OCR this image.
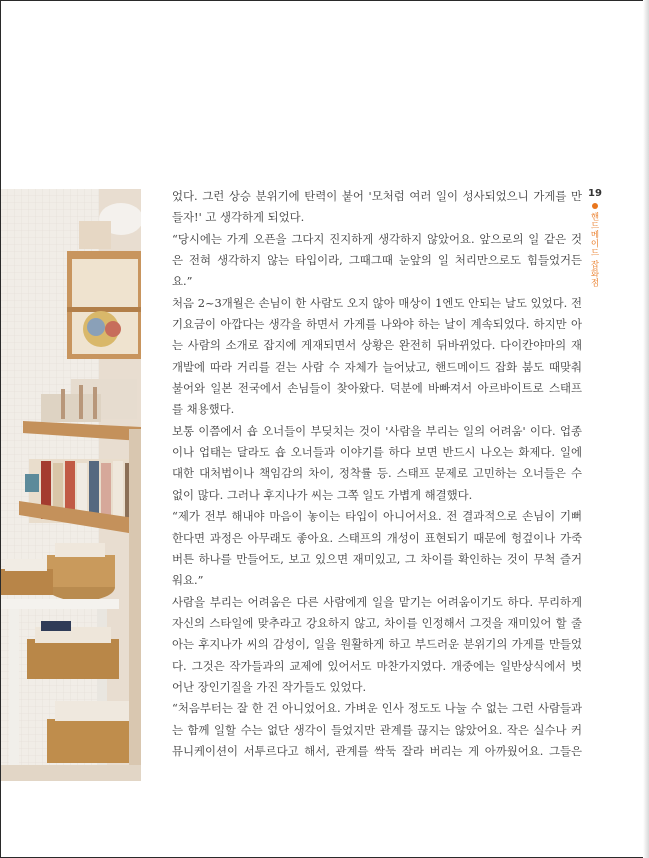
19
핸드메이드 잡화점
었다. 그런 상승 분위기에 탄력이 붙어 '모처럼 여러 일이 성사되었으니 가게를 만
들자!' 고 생각하게 되었다.
“당시에는 가게 오픈을 그다지 진지하게 생각하지 않았어요. 앞으로의 일 같은 것
은 전혀 생각하지 않는 타입이라, 그때그때 눈앞의 일 처리만으로도 힘들었거든
요.”
처음 2~3개월은 손님이 한 사람도 오지 않아 매상이 1엔도 안되는 날도 있었다. 전
기요금이 아깝다는 생각을 하면서 가게를 나와야 하는 날이 계속되었다. 하지만 아
는 사람의 소개로 잡지에 게재되면서 상황은 완전히 뒤바뀌었다. 다이칸야마의 재
개발에 따라 거리를 걷는 사람 수 자체가 늘어났고, 핸드메이드 잡화 붐도 때맞춰
불어와 일본 전국에서 손님들이 찾아왔다. 덕분에 바빠져서 아르바이트로 스태프
를 채용했다.
보통 이쯤에서 숍 오너들이 부딪치는 것이 '사람을 부리는 일의 어려움' 이다. 업종
이나 업태는 달라도 숍 오너들과 이야기를 하다 보면 반드시 나오는 화제다. 일에
대한 대처법이나 책임감의 차이, 정착률 등. 스태프 문제로 고민하는 오너들은 수
없이 많다. 그러나 후지나가 씨는 그쪽 일도 가볍게 해결했다.
“제가 전부 해내야 마음이 놓이는 타입이 아니어서요. 전 결과적으로 손님이 기뻐
한다면 과정은 아무래도 좋아요. 스태프의 개성이 표현되기 때문에 헝겊이나 가죽
버튼 하나를 만들어도, 보고 있으면 재미있고, 그 차이를 확인하는 것이 무척 즐거
워요.”
사람을 부리는 어려움은 다른 사람에게 일을 맡기는 어려움이기도 하다. 무리하게
자신의 스타일에 맞추라고 강요하지 않고, 차이를 인정해서 그것을 재미있어 할 줄
아는 후지나가 씨의 감성이, 일을 원활하게 하고 부드러운 분위기의 가게를 만들었
다. 그것은 작가들과의 교제에 있어서도 마찬가지였다. 개중에는 일반상식에서 벗
어난 장인기질을 가진 작가들도 있었다.
“처음부터는 잘 한 건 아니었어요. 가벼운 인사 정도도 나눌 수 없는 그런 사람들과
는 함께 일할 수는 없단 생각이 들었지만 관계를 끊지는 않았어요. 작은 실수나 커
뮤니케이션이 서투르다고 해서, 관계를 싹둑 잘라 버리는 게 아까웠어요. 그들은
